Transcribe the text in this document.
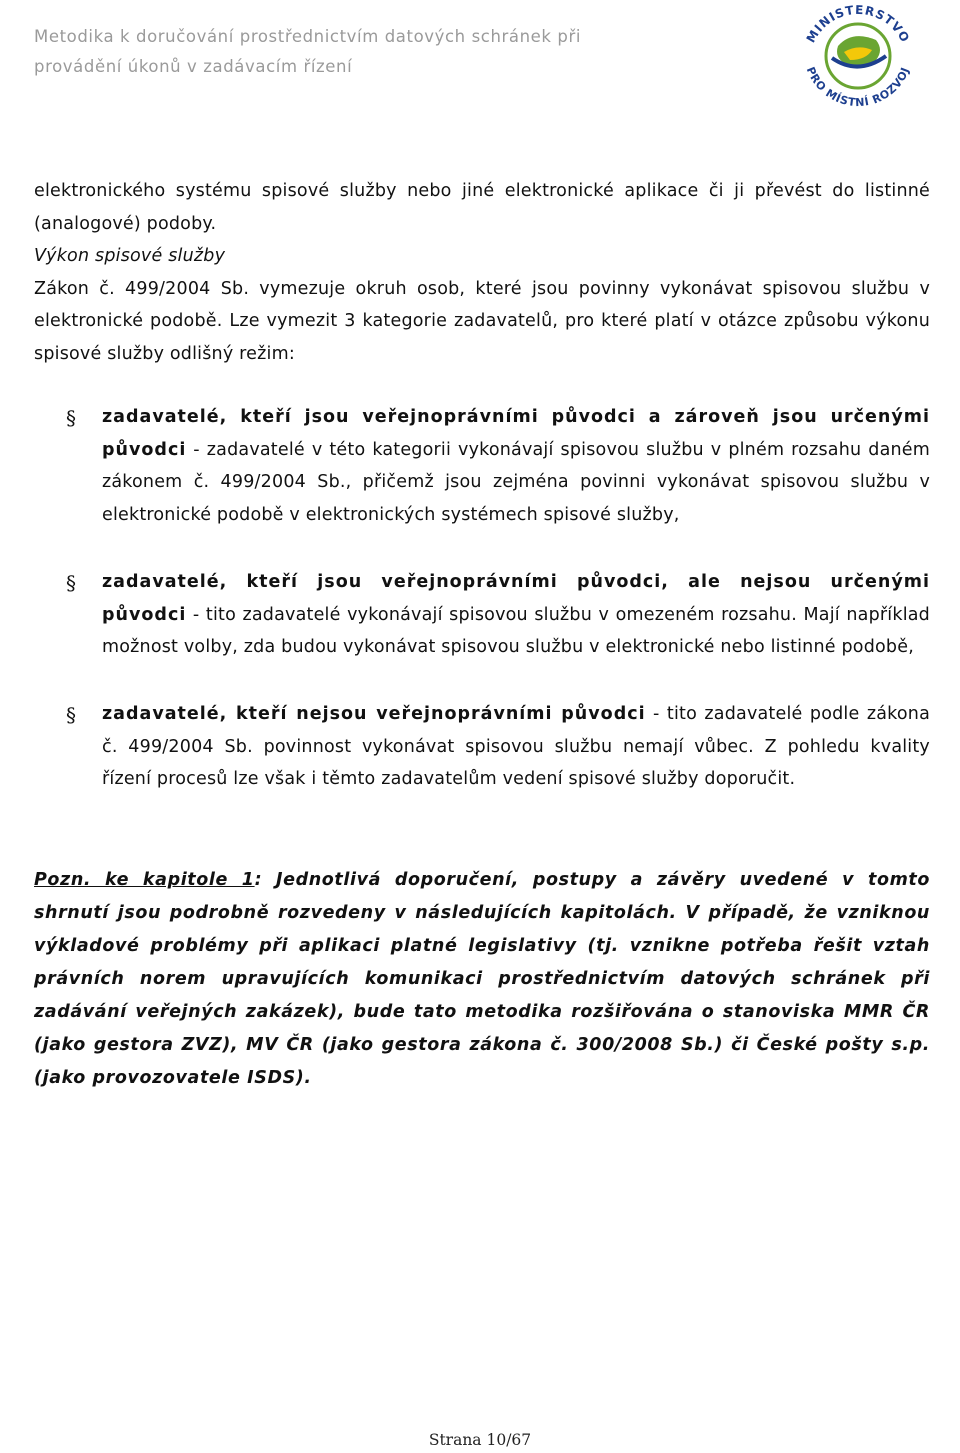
Metodika k doručování prostřednictvím datových schránek při
provádění úkonů v zadávacím řízení
MINISTERSTVO
PRO MÍSTNÍ ROZVOJ

elektronického systému spisové služby nebo jiné elektronické aplikace či ji převést do listinné (analogové) podoby.

Výkon spisové služby

Zákon č. 499/2004 Sb. vymezuje okruh osob, které jsou povinny vykonávat spisovou službu v elektronické podobě. Lze vymezit 3 kategorie zadavatelů, pro které platí v otázce způsobu výkonu spisové služby odlišný režim:

§	zadavatelé, kteří jsou veřejnoprávními původci a zároveň jsou určenými původci - zadavatelé v této kategorii vykonávají spisovou službu v plném rozsahu daném zákonem č. 499/2004 Sb., přičemž jsou zejména povinni vykonávat spisovou službu v elektronické podobě v elektronických systémech spisové služby,
§	zadavatelé, kteří jsou veřejnoprávními původci, ale nejsou určenými původci - tito zadavatelé vykonávají spisovou službu v omezeném rozsahu. Mají například možnost volby, zda budou vykonávat spisovou službu v elektronické nebo listinné podobě,
§	zadavatelé, kteří nejsou veřejnoprávními původci - tito zadavatelé podle zákona č. 499/2004 Sb. povinnost vykonávat spisovou službu nemají vůbec. Z pohledu kvality řízení procesů lze však i těmto zadavatelům vedení spisové služby doporučit.
Pozn. ke kapitole 1: Jednotlivá doporučení, postupy a závěry uvedené v tomto shrnutí jsou podrobně rozvedeny v následujících kapitolách. V případě, že vzniknou výkladové problémy při aplikaci platné legislativy (tj. vznikne potřeba řešit vztah právních norem upravujících komunikaci prostřednictvím datových schránek při zadávání veřejných zakázek), bude tato metodika rozšiřována o stanoviska MMR ČR (jako gestora ZVZ), MV ČR (jako gestora zákona č. 300/2008 Sb.) či České pošty s.p. (jako provozovatele ISDS).
Strana 10/67
